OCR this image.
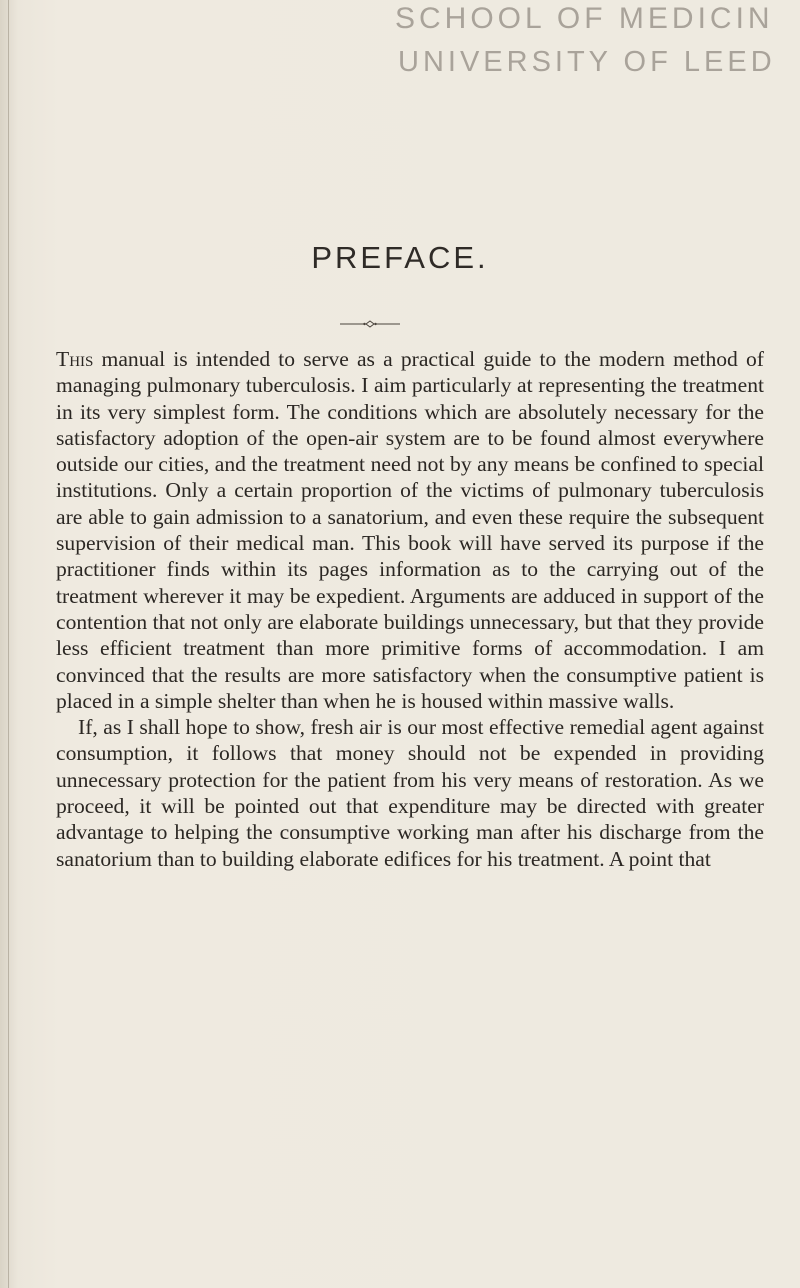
SCHOOL OF MEDICIN
UNIVERSITY OF LEED
PREFACE.

This manual is intended to serve as a practical guide to the modern method of managing pulmonary tuberculosis. I aim particularly at representing the treatment in its very simplest form. The conditions which are absolutely necessary for the satisfactory adoption of the open-air system are to be found almost everywhere outside our cities, and the treatment need not by any means be confined to special institutions. Only a certain proportion of the victims of pulmonary tuberculosis are able to gain admission to a sanatorium, and even these require the subsequent supervision of their medical man. This book will have served its purpose if the practitioner finds within its pages information as to the carrying out of the treatment wherever it may be expedient. Arguments are adduced in support of the contention that not only are elaborate buildings unnecessary, but that they provide less efficient treatment than more primitive forms of accommodation. I am convinced that the results are more satisfactory when the consumptive patient is placed in a simple shelter than when he is housed within massive walls.

If, as I shall hope to show, fresh air is our most effective remedial agent against consumption, it follows that money should not be expended in providing unnecessary protection for the patient from his very means of restoration. As we proceed, it will be pointed out that expenditure may be directed with greater advantage to helping the consumptive working man after his discharge from the sanatorium than to building elaborate edifices for his treatment. A point that
